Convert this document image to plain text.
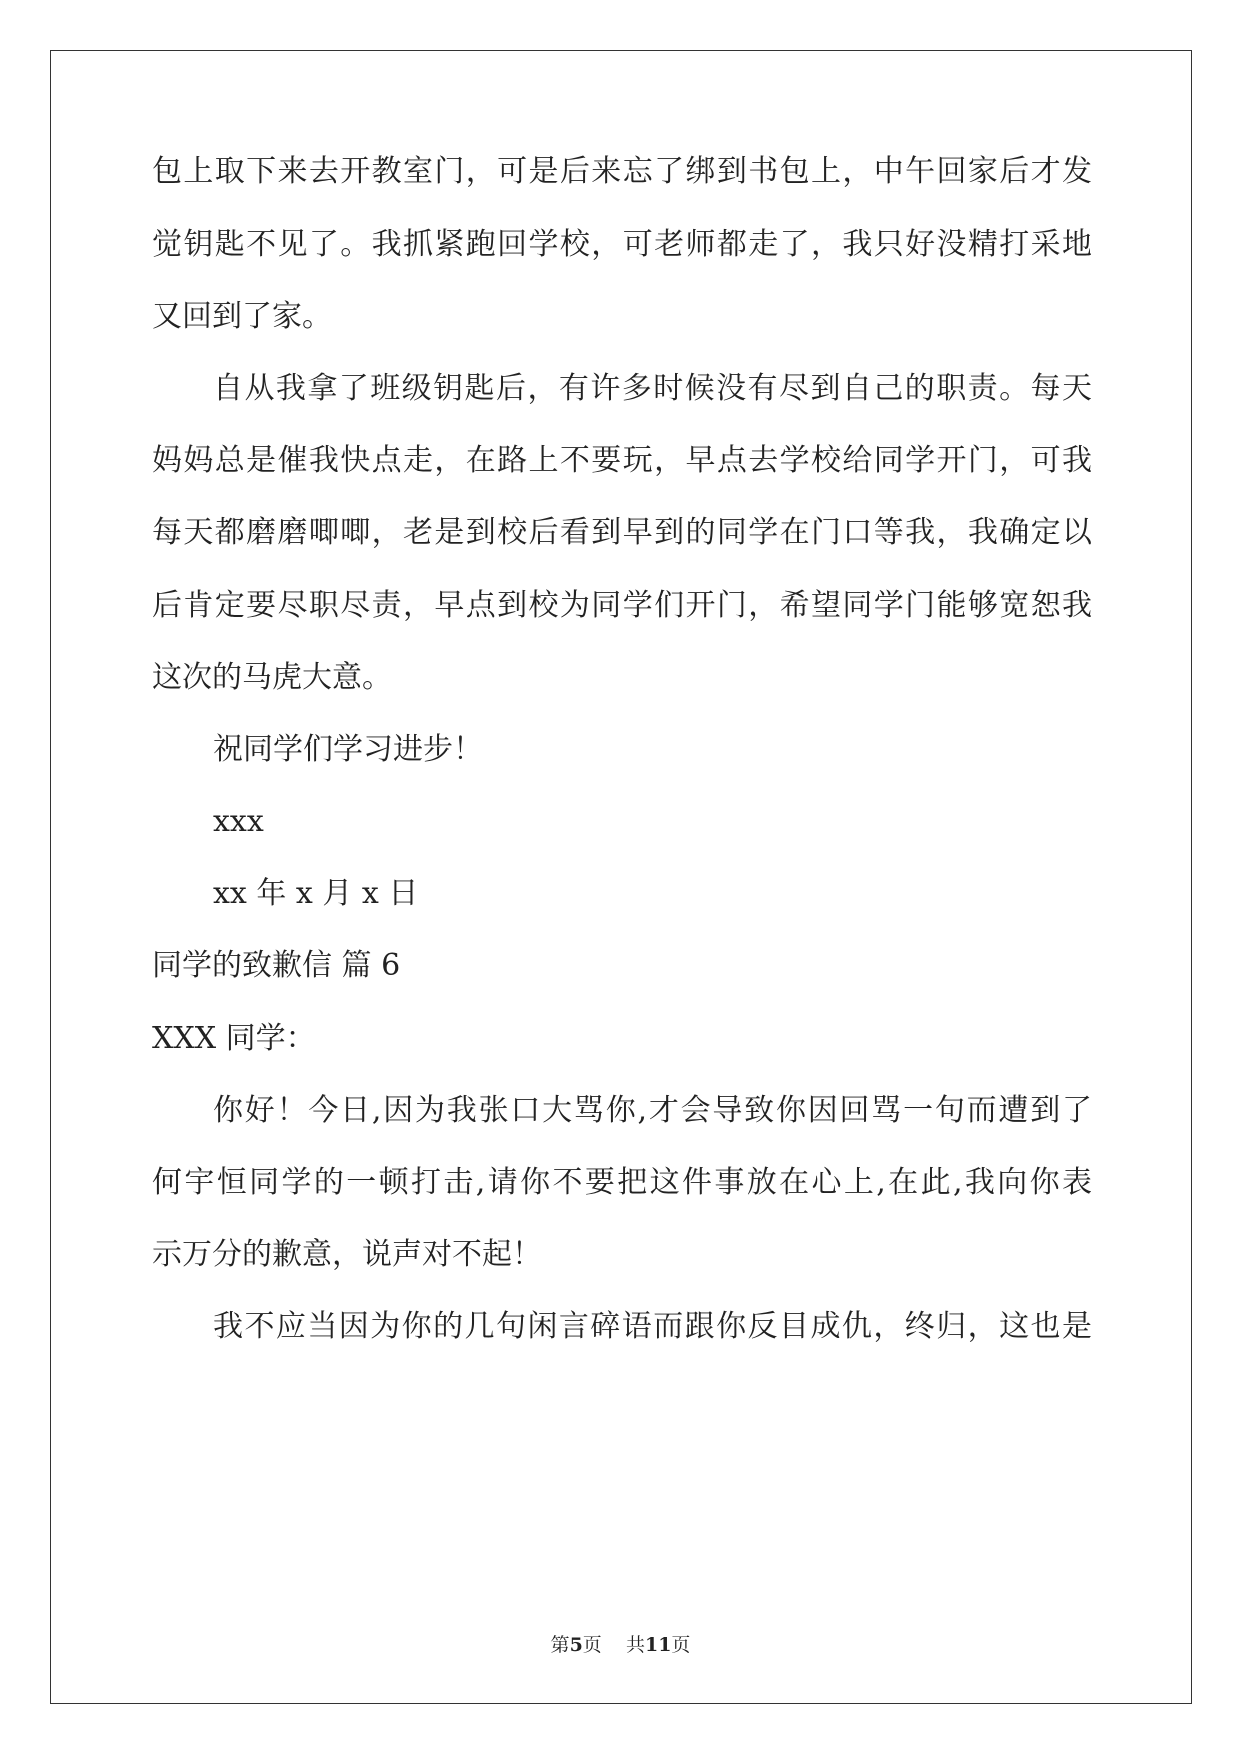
包上取下来去开教室门，可是后来忘了绑到书包上，中午回家后才发
觉钥匙不见了。我抓紧跑回学校，可老师都走了，我只好没精打采地
又回到了家。
自从我拿了班级钥匙后，有许多时候没有尽到自己的职责。每天
妈妈总是催我快点走，在路上不要玩，早点去学校给同学开门，可我
每天都磨磨唧唧，老是到校后看到早到的同学在门口等我，我确定以
后肯定要尽职尽责，早点到校为同学们开门，希望同学门能够宽恕我
这次的马虎大意。
祝同学们学习进步！
xxx
xx 年 x 月 x 日
同学的致歉信 篇 6
XXX 同学：
你好！今日,因为我张口大骂你,才会导致你因回骂一句而遭到了
何宇恒同学的一顿打击,请你不要把这件事放在心上,在此,我向你表
示万分的歉意，说声对不起！
我不应当因为你的几句闲言碎语而跟你反目成仇，终归，这也是
第5页    共11页
